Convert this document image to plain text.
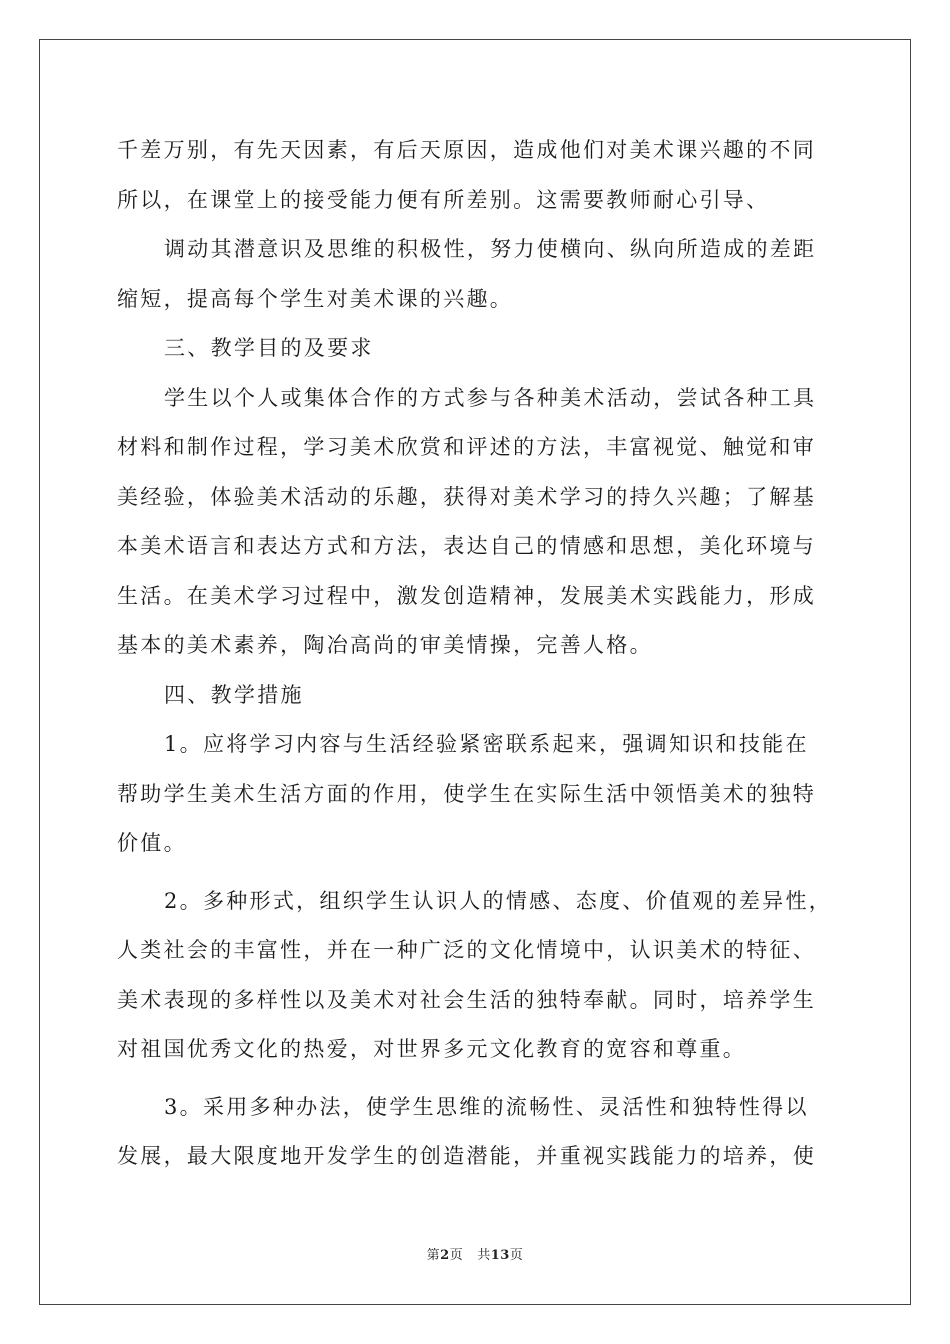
千差万别，有先天因素，有后天原因，造成他们对美术课兴趣的不同
所以，在课堂上的接受能力便有所差别。这需要教师耐心引导、
调动其潜意识及思维的积极性，努力使横向、纵向所造成的差距
缩短，提高每个学生对美术课的兴趣。
三、教学目的及要求
学生以个人或集体合作的方式参与各种美术活动，尝试各种工具
材料和制作过程，学习美术欣赏和评述的方法，丰富视觉、触觉和审
美经验，体验美术活动的乐趣，获得对美术学习的持久兴趣；了解基
本美术语言和表达方式和方法，表达自己的情感和思想，美化环境与
生活。在美术学习过程中，激发创造精神，发展美术实践能力，形成
基本的美术素养，陶冶高尚的审美情操，完善人格。
四、教学措施
1。应将学习内容与生活经验紧密联系起来，强调知识和技能在
帮助学生美术生活方面的作用，使学生在实际生活中领悟美术的独特
价值。
2。多种形式，组织学生认识人的情感、态度、价值观的差异性，
人类社会的丰富性，并在一种广泛的文化情境中，认识美术的特征、
美术表现的多样性以及美术对社会生活的独特奉献。同时，培养学生
对祖国优秀文化的热爱，对世界多元文化教育的宽容和尊重。
3。采用多种办法，使学生思维的流畅性、灵活性和独特性得以
发展，最大限度地开发学生的创造潜能，并重视实践能力的培养，使
第2页 共13页
